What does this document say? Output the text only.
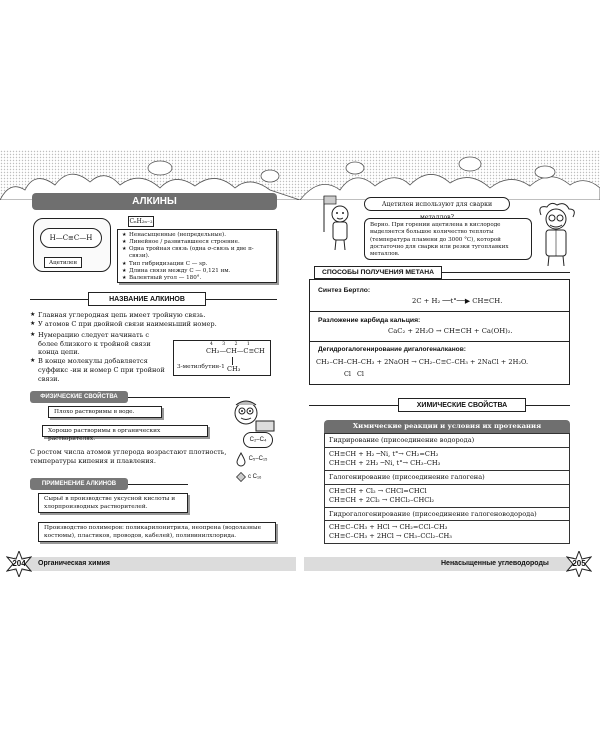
АЛКИНЫ
H—C≡C—H
Ацетилен
CₙH₂ₙ₋₂
★ Ненасыщенные (непредельные).
★ Линейное / развитавшееся строение.
★ Одна тройная связь (одна σ-связь и две π-связи).
★ Тип гибридизации C — sp.
★ Длина связи между C — 0,121 нм.
★ Валентный угол — 180°.
НАЗВАНИЕ АЛКИНОВ
★ Главная углеродная цепь имеет тройную связь.
★ У атомов C при двойной связи наименьший номер.
★ Нумерацию следует начинать с более близкого к тройной связи конца цепи.
★ В конце молекулы добавляется суффикс -ин и номер C при тройной связи.
4 3 2 1
CH₃—CH—C≡CH
3-метилбутин-1 CH₃
ФИЗИЧЕСКИЕ СВОЙСТВА
Плохо растворимы в воде.
Хорошо растворимы в органических растворителях.	C₂–C₄
C₅–C₁₅
с C₁₆
С ростом числа атомов углерода возрастают плотность, температуры кипения и плавления.
ПРИМЕНЕНИЕ АЛКИНОВ
Сырьё в производстве уксусной кислоты и хлорпроизводных растворителей.
Производство полимеров: поликарилонитрила, неопрена (водолазные костюмы), пластиков, проводов, кабелей), поливинилхлорида.
204 Органическая химия
Ацетилен используют для сварки
Верно. При горении ацетилена в кислороде выделяется большое количество теплоты (температура пламени до 3000 °C), которой достаточно для сварки или резки тугоплавких металлов.
СПОСОБЫ ПОЛУЧЕНИЯ МЕТАНА
Синтез Бертло:
2C + H₂ ──t°──▶ CH≡CH.
Разложение карбида кальция:
CaC₂ + 2H₂O → CH≡CH + Ca(OH)₂.
Дегидрогалогенирование дигалогеналканов:
CH₂–CH–CH–CH₃ + 2NaOH → CH₂–C≡C–CH₃ + 2NaCl + 2H₂O.
Cl   Cl
ХИМИЧЕСКИЕ СВОЙСТВА
Химические реакции и условия их протекания
Гидрирование (присоединение водорода)

CH≡CH + H₂ ─Ni, t°→ CH₂=CH₂
CH≡CH + 2H₂ ─Ni, t°→ CH₃–CH₃

Галогенирование (присоединение галогена)

CH≡CH + Cl₂ → CHCl=CHCl
CH≡CH + 2Cl₂ → CHCl₂–CHCl₂

Гидрогалогенирование (присоединение галогеноводорода)

CH≡C–CH₃ + HCl → CH₂=CCl–CH₃
CH≡C–CH₃ + 2HCl → CH₃–CCl₂–CH₃
Ненасыщенные углеводороды	205
